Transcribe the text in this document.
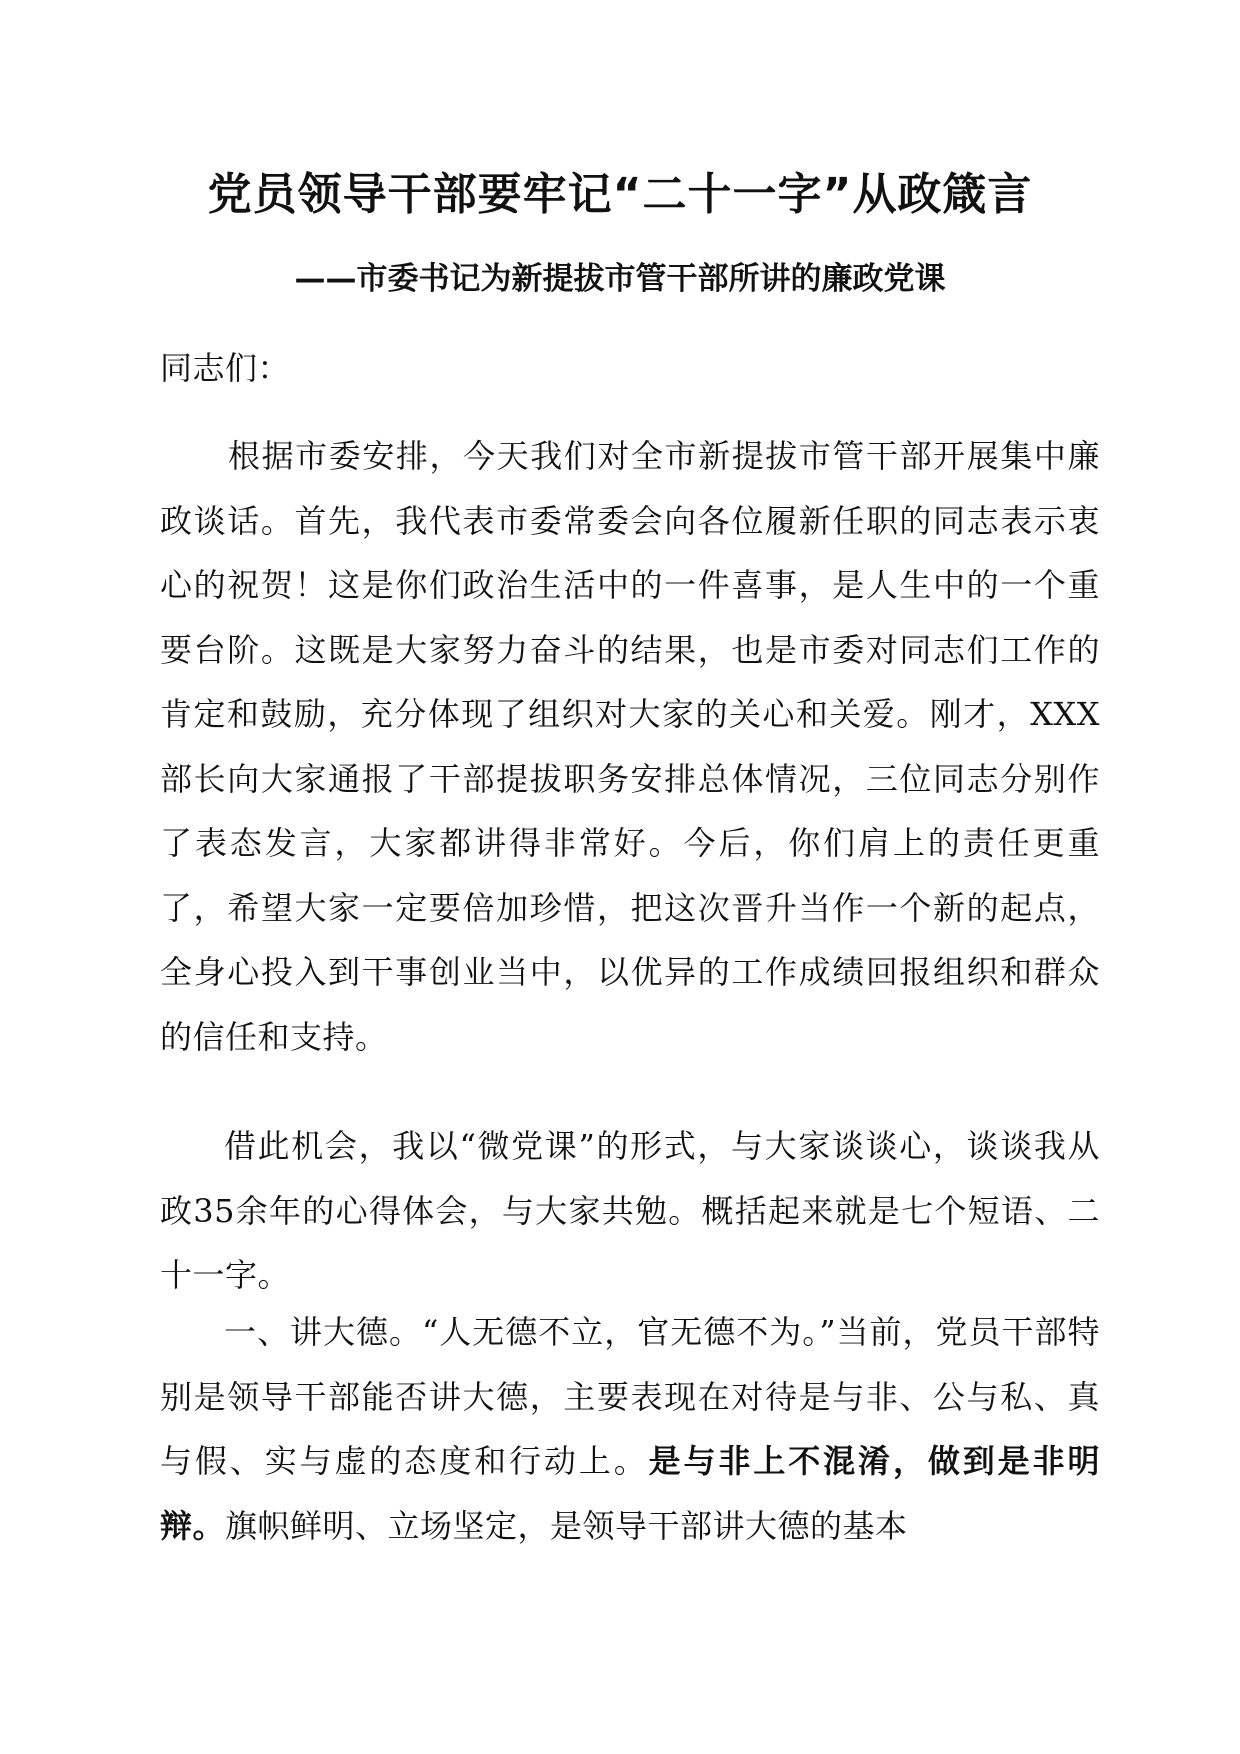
党员领导干部要牢记“二十一字”从政箴言
——市委书记为新提拔市管干部所讲的廉政党课
同志们：

根据市委安排，今天我们对全市新提拔市管干部开展集中廉政谈话。首先，我代表市委常委会向各位履新任职的同志表示衷心的祝贺！这是你们政治生活中的一件喜事，是人生中的一个重要台阶。这既是大家努力奋斗的结果，也是市委对同志们工作的肯定和鼓励，充分体现了组织对大家的关心和关爱。刚才，XXX部长向大家通报了干部提拔职务安排总体情况，三位同志分别作了表态发言，大家都讲得非常好。今后，你们肩上的责任更重了，希望大家一定要倍加珍惜，把这次晋升当作一个新的起点，全身心投入到干事创业当中，以优异的工作成绩回报组织和群众的信任和支持。

借此机会，我以“微党课”的形式，与大家谈谈心，谈谈我从政35余年的心得体会，与大家共勉。概括起来就是七个短语、二十一字。

一、讲大德。“人无德不立，官无德不为。”当前，党员干部特别是领导干部能否讲大德，主要表现在对待是与非、公与私、真与假、实与虚的态度和行动上。是与非上不混淆，做到是非明辩。旗帜鲜明、立场坚定，是领导干部讲大德的基本
